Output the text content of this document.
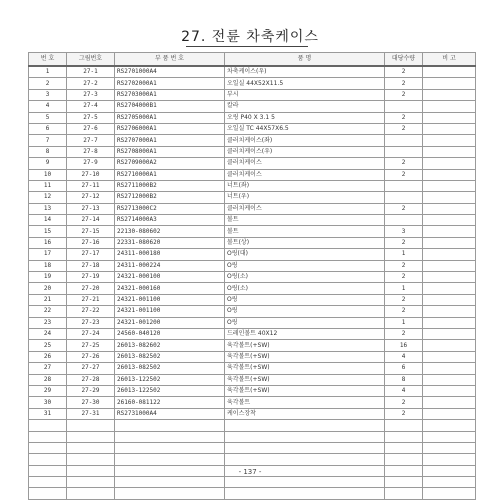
27. 전륜 차축케이스
번 호	그림번호	부 품 번 호	품 명	대당수량	비 고
1	27-1	RS2701000A4	차축케이스(우)	2	
2	27-2	RS2702000A1	오일실 44X52X11.5	2	
3	27-3	RS2703000A1	부시	2	
4	27-4	RS2704000B1	칼라		
5	27-5	RS2705000A1	오링 P40 X 3.1 5	2	
6	27-6	RS2706000A1	오일실 TC 44X57X6.5	2	
7	27-7	RS2707000A1	클러치케이스(좌)		
8	27-8	RS2708000A1	클러치케이스(우)		
9	27-9	RS2709000A2	클러치케이스	2	
10	27-10	RS2710000A1	클러치케이스	2	
11	27-11	RS2711000B2	너트(좌)		
12	27-12	RS2712000B2	너트(우)		
13	27-13	RS2713000C2	클러치케이스	2	
14	27-14	RS2714000A3	볼트		
15	27-15	22130-080602	볼트	3	
16	27-16	22331-080620	볼트(상)	2	
17	27-17	24311-000180	O링(대)	1	
18	27-18	24311-000224	O링	2	
19	27-19	24321-000100	O링(소)	2	
20	27-20	24321-000160	O링(소)	1	
21	27-21	24321-001100	O링	2	
22	27-22	24321-001100	O링	2	
23	27-23	24321-001200	O링	1	
24	27-24	24560-040120	드레인볼트 40X12	2	
25	27-25	26013-082602	육각볼트(+SW)	16	
26	27-26	26013-082502	육각볼트(+SW)	4	
27	27-27	26013-082502	육각볼트(+SW)	6	
28	27-28	26013-122502	육각볼트(+SW)	8	
29	27-29	26013-122502	육각볼트(+SW)	4	
30	27-30	26160-081122	육각볼트	2	
31	27-31	RS2731000A4	케이스장착	2	

- 137 -
